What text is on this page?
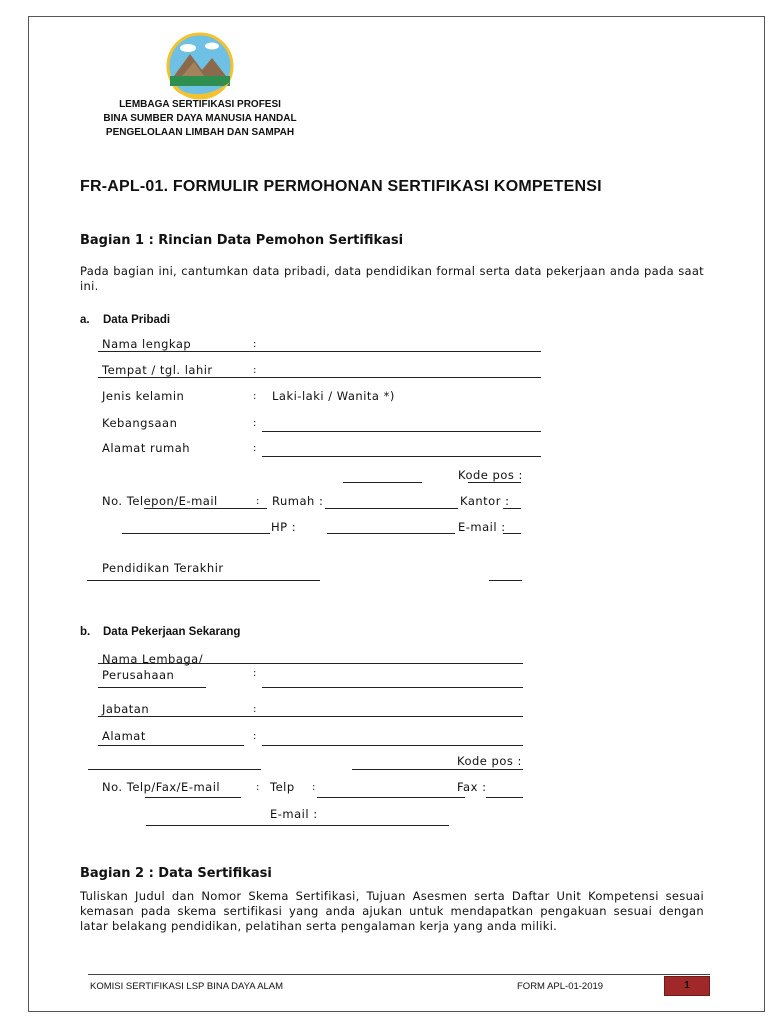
LEMBAGA SERTIFIKASI PROFESI
BINA SUMBER DAYA MANUSIA HANDAL
PENGELOLAAN LIMBAH DAN SAMPAH
FR-APL-01. FORMULIR PERMOHONAN SERTIFIKASI KOMPETENSI
Bagian 1 : Rincian Data Pemohon Sertifikasi
Pada bagian ini, cantumkan data pribadi, data pendidikan formal serta data pekerjaan anda pada saat ini.
a. Data Pribadi
Nama lengkap	:
Tempat / tgl. lahir	:
Jenis kelamin	: Laki-laki / Wanita *)
Kebangsaan	:
Alamat rumah	:
Kode pos :
No. Telepon/E-mail	: Rumah :	Kantor :
HP :	E-mail :
Pendidikan Terakhir
b. Data Pekerjaan Sekarang
Nama Lembaga/
Perusahaan	:
Jabatan	:
Alamat	:
Kode pos :
No. Telp/Fax/E-mail	: Telp :	Fax :
E-mail :
Bagian 2 : Data Sertifikasi
Tuliskan Judul dan Nomor Skema Sertifikasi, Tujuan Asesmen serta Daftar Unit Kompetensi sesuai kemasan pada skema sertifikasi yang anda ajukan untuk mendapatkan pengakuan sesuai dengan latar belakang pendidikan, pelatihan serta pengalaman kerja yang anda miliki.
KOMISI SERTIFIKASI LSP BINA DAYA ALAM	FORM APL-01-2019	1
